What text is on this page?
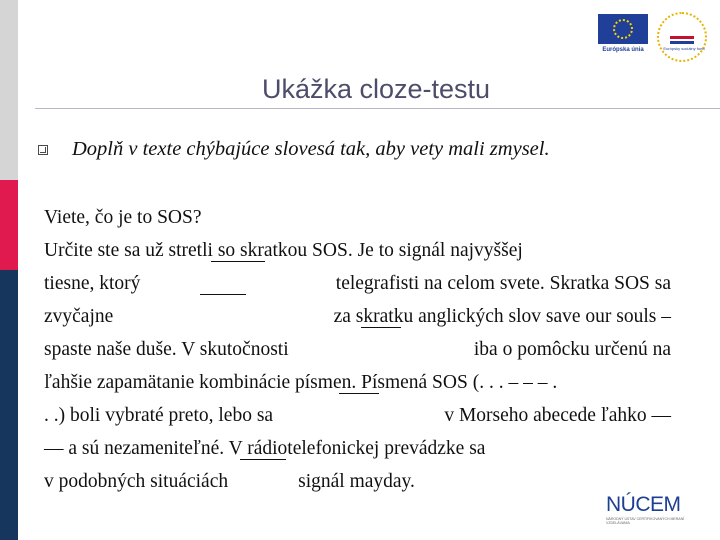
Európska únia	Európsky sociálny fond
Ukážka cloze-testu
Doplň v texte chýbajúce slovesá tak, aby vety mali zmysel.
Viete, čo je to SOS?
Určite ste sa už stretli so skratkou SOS. Je to signál najvyššej
tiesne, ktorý	telegrafisti na celom svete. Skratka SOS sa
zvyčajne	za skratku anglických slov save our souls –
spaste naše duše. V skutočnosti	iba o pomôcku určenú na
ľahšie zapamätanie kombinácie písmen. Písmená SOS (. . . – – – .
. .) boli vybraté preto, lebo sa	v Morseho abecede ľahko —
— a sú nezameniteľné. V rádiotelefonickej prevádzke sa
v podobných situáciách	signál mayday.
NÚCEM
NÁRODNÝ ÚSTAV CERTIFIKOVANÝCH MERANÍ VZDELÁVANIA
